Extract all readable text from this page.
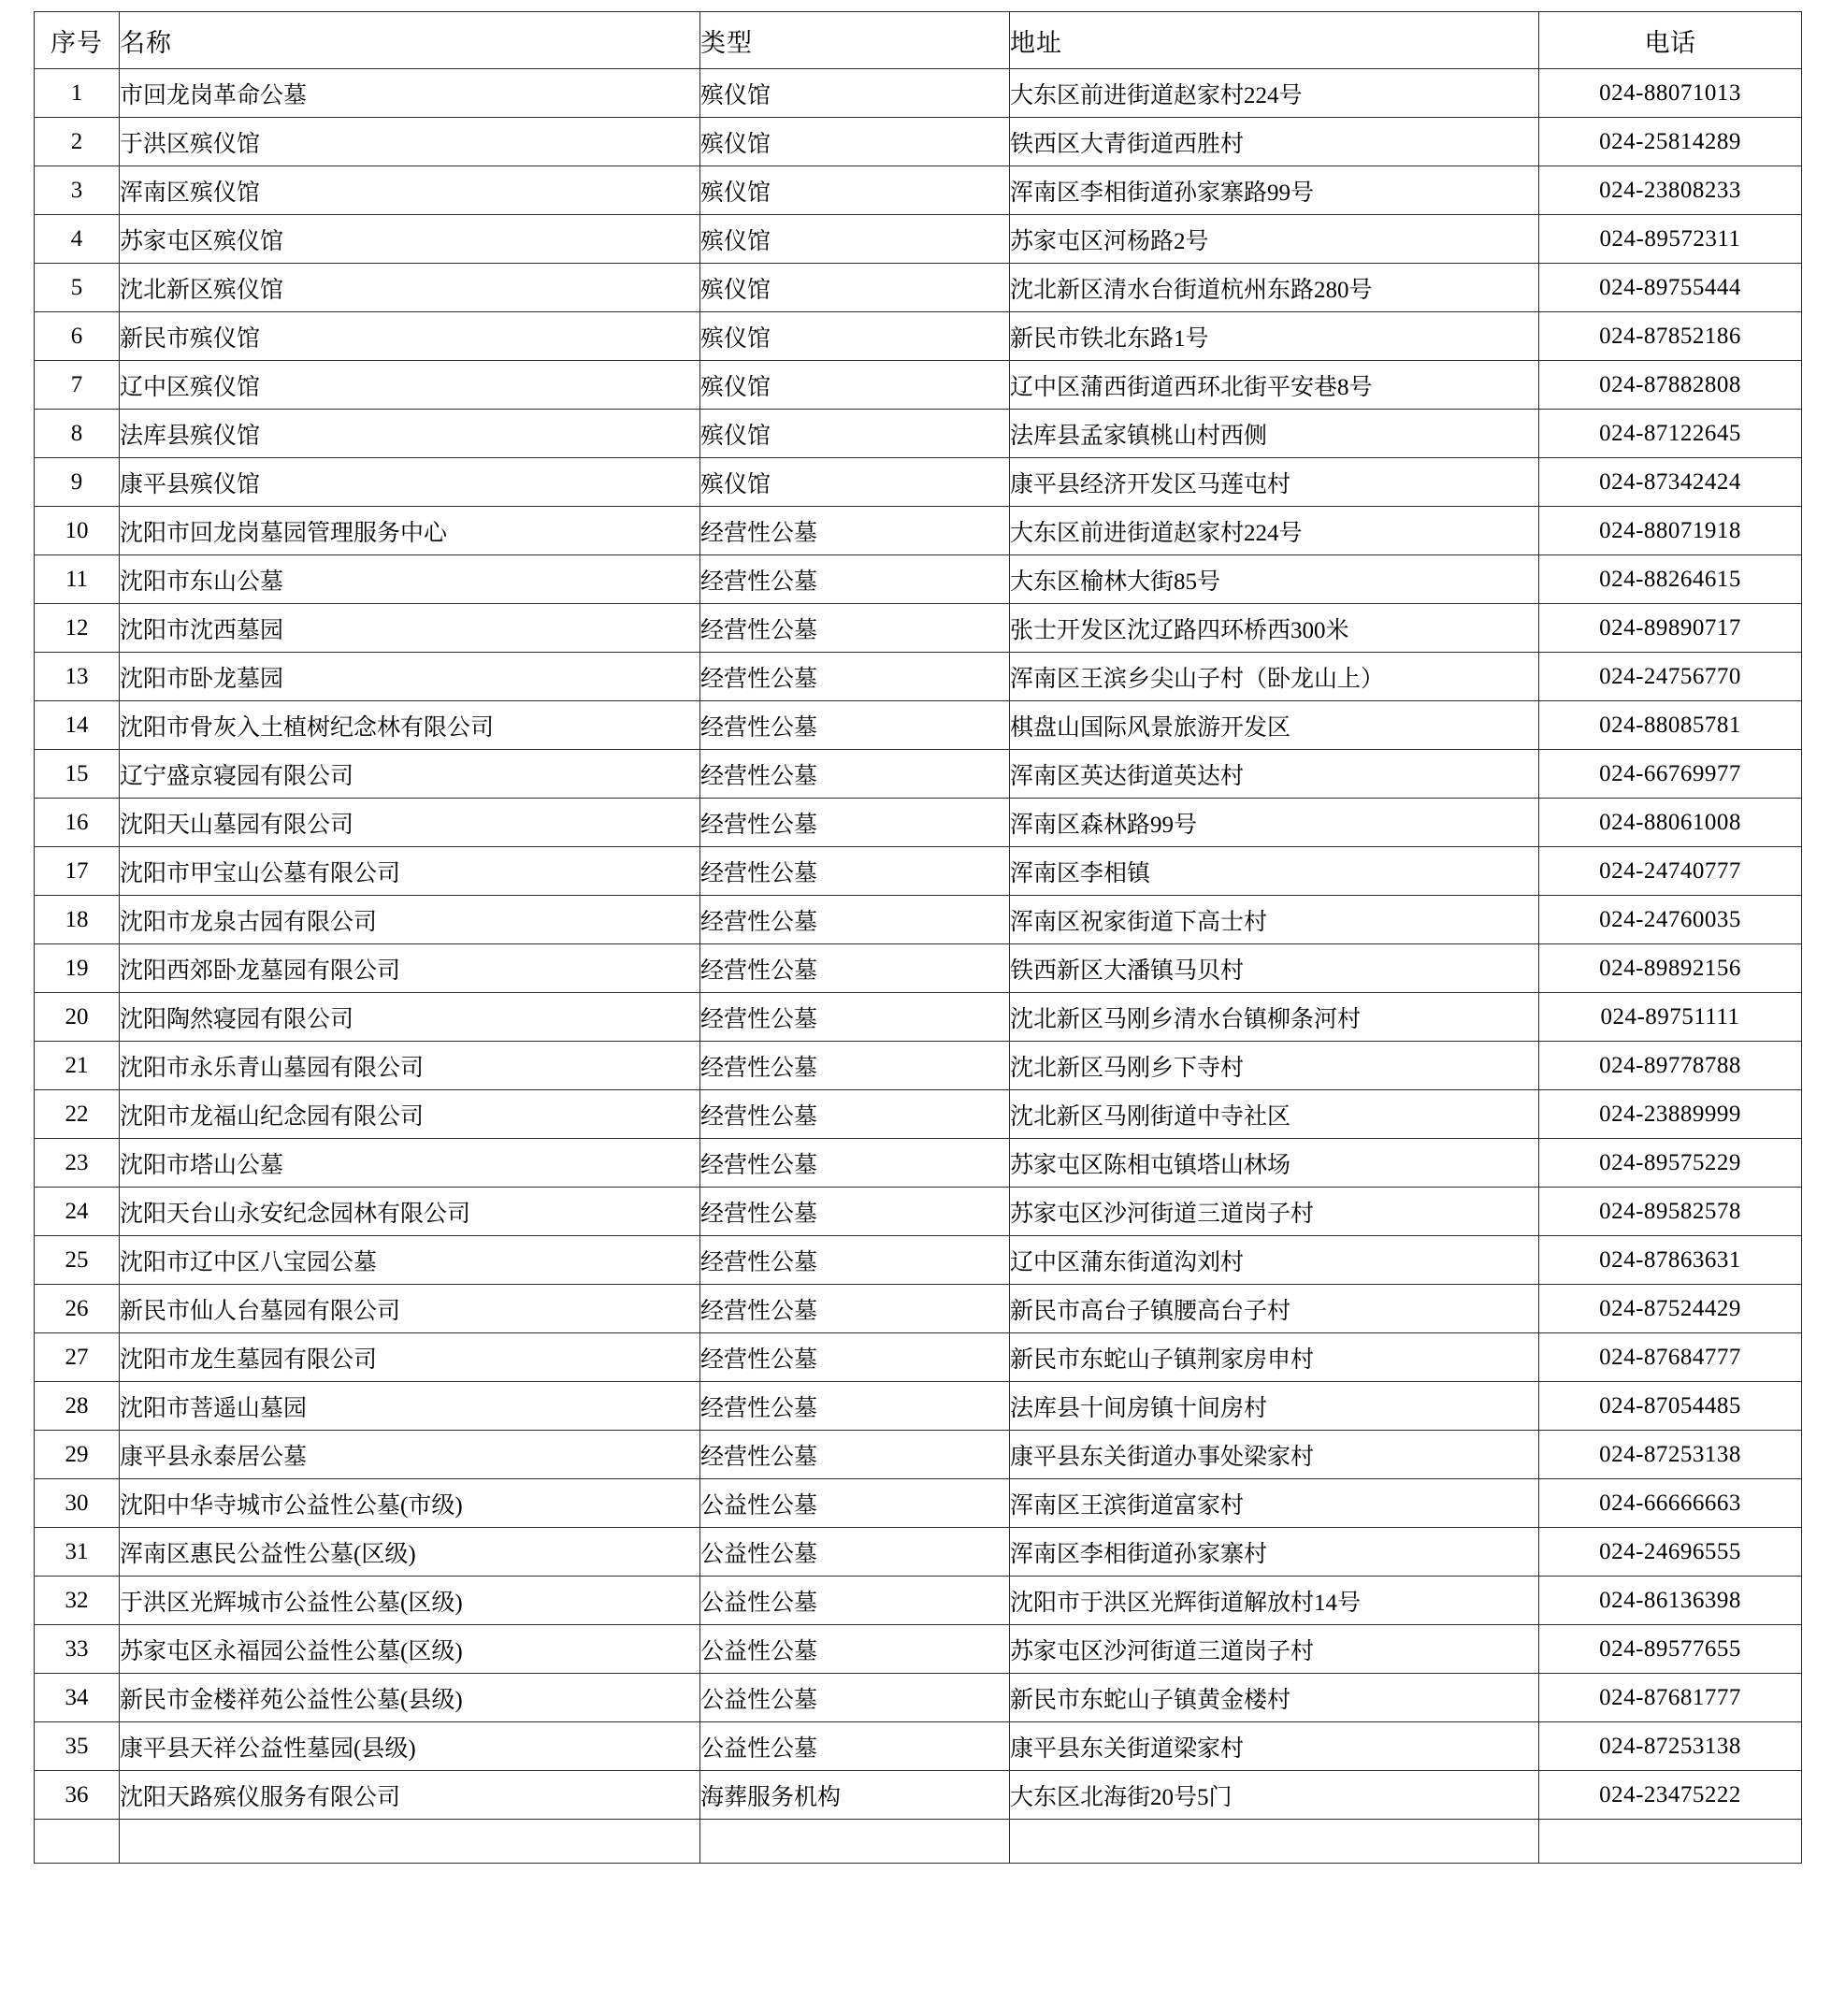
序号	名称	类型	地址	电话
1	市回龙岗革命公墓	殡仪馆	大东区前进街道赵家村224号	024-88071013
2	于洪区殡仪馆	殡仪馆	铁西区大青街道西胜村	024-25814289
3	浑南区殡仪馆	殡仪馆	浑南区李相街道孙家寨路99号	024-23808233
4	苏家屯区殡仪馆	殡仪馆	苏家屯区河杨路2号	024-89572311
5	沈北新区殡仪馆	殡仪馆	沈北新区清水台街道杭州东路280号	024-89755444
6	新民市殡仪馆	殡仪馆	新民市铁北东路1号	024-87852186
7	辽中区殡仪馆	殡仪馆	辽中区蒲西街道西环北街平安巷8号	024-87882808
8	法库县殡仪馆	殡仪馆	法库县孟家镇桃山村西侧	024-87122645
9	康平县殡仪馆	殡仪馆	康平县经济开发区马莲屯村	024-87342424
10	沈阳市回龙岗墓园管理服务中心	经营性公墓	大东区前进街道赵家村224号	024-88071918
11	沈阳市东山公墓	经营性公墓	大东区榆林大街85号	024-88264615
12	沈阳市沈西墓园	经营性公墓	张士开发区沈辽路四环桥西300米	024-89890717
13	沈阳市卧龙墓园	经营性公墓	浑南区王滨乡尖山子村（卧龙山上）	024-24756770
14	沈阳市骨灰入土植树纪念林有限公司	经营性公墓	棋盘山国际风景旅游开发区	024-88085781
15	辽宁盛京寝园有限公司	经营性公墓	浑南区英达街道英达村	024-66769977
16	沈阳天山墓园有限公司	经营性公墓	浑南区森林路99号	024-88061008
17	沈阳市甲宝山公墓有限公司	经营性公墓	浑南区李相镇	024-24740777
18	沈阳市龙泉古园有限公司	经营性公墓	浑南区祝家街道下高士村	024-24760035
19	沈阳西郊卧龙墓园有限公司	经营性公墓	铁西新区大潘镇马贝村	024-89892156
20	沈阳陶然寝园有限公司	经营性公墓	沈北新区马刚乡清水台镇柳条河村	024-89751111
21	沈阳市永乐青山墓园有限公司	经营性公墓	沈北新区马刚乡下寺村	024-89778788
22	沈阳市龙福山纪念园有限公司	经营性公墓	沈北新区马刚街道中寺社区	024-23889999
23	沈阳市塔山公墓	经营性公墓	苏家屯区陈相屯镇塔山林场	024-89575229
24	沈阳天台山永安纪念园林有限公司	经营性公墓	苏家屯区沙河街道三道岗子村	024-89582578
25	沈阳市辽中区八宝园公墓	经营性公墓	辽中区蒲东街道沟刘村	024-87863631
26	新民市仙人台墓园有限公司	经营性公墓	新民市高台子镇腰高台子村	024-87524429
27	沈阳市龙生墓园有限公司	经营性公墓	新民市东蛇山子镇荆家房申村	024-87684777
28	沈阳市菩遥山墓园	经营性公墓	法库县十间房镇十间房村	024-87054485
29	康平县永泰居公墓	经营性公墓	康平县东关街道办事处梁家村	024-87253138
30	沈阳中华寺城市公益性公墓(市级)	公益性公墓	浑南区王滨街道富家村	024-66666663
31	浑南区惠民公益性公墓(区级)	公益性公墓	浑南区李相街道孙家寨村	024-24696555
32	于洪区光辉城市公益性公墓(区级)	公益性公墓	沈阳市于洪区光辉街道解放村14号	024-86136398
33	苏家屯区永福园公益性公墓(区级)	公益性公墓	苏家屯区沙河街道三道岗子村	024-89577655
34	新民市金楼祥苑公益性公墓(县级)	公益性公墓	新民市东蛇山子镇黄金楼村	024-87681777
35	康平县天祥公益性墓园(县级)	公益性公墓	康平县东关街道梁家村	024-87253138
36	沈阳天路殡仪服务有限公司	海葬服务机构	大东区北海街20号5门	024-23475222
